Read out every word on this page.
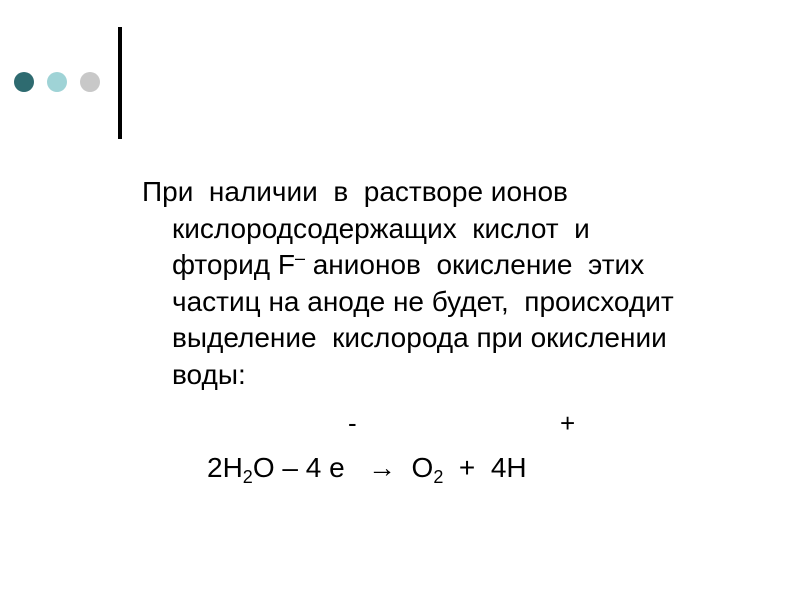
При  наличии  в  растворе ионов
кислородсодержащих  кислот  и
фторид F– анионов  окисление  этих
частиц на аноде не будет,  происходит
выделение  кислорода при окислении
воды:
-	+
$2H_2O - 4$ $e \to O_2 + 4H$
